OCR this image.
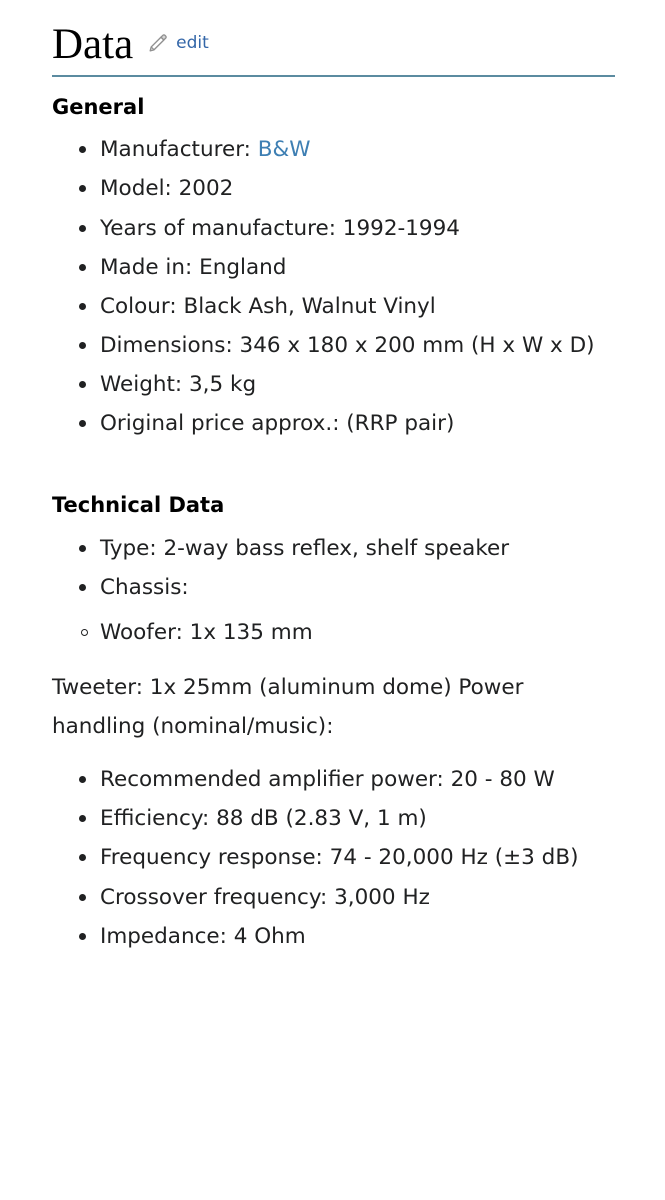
Data	edit
General
Manufacturer: B&W
Model: 2002
Years of manufacture: 1992-1994
Made in: England
Colour: Black Ash, Walnut Vinyl
Dimensions: 346 x 180 x 200 mm (H x W x D)
Weight: 3,5 kg
Original price approx.: (RRP pair)
Technical Data
Type: 2-way bass reflex, shelf speaker
Chassis:
Woofer: 1x 135 mm

Tweeter: 1x 25mm (aluminum dome) Power handling (nominal/music):

Recommended amplifier power: 20 - 80 W
Efficiency: 88 dB (2.83 V, 1 m)
Frequency response: 74 - 20,000 Hz (±3 dB)
Crossover frequency: 3,000 Hz
Impedance: 4 Ohm
